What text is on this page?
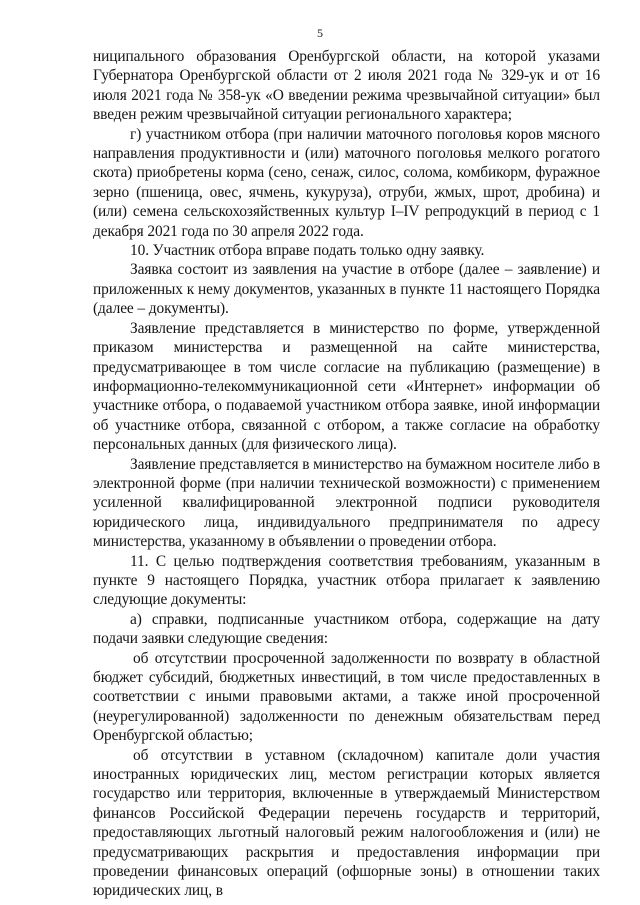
5

ниципального образования Оренбургской области, на которой указами Губернатора Оренбургской области от 2 июля 2021 года № 329-ук и от 16 июля 2021 года № 358-ук «О введении режима чрезвычайной ситуации» был введен режим чрезвычайной ситуации регионального характера;

г) участником отбора (при наличии маточного поголовья коров мясного направления продуктивности и (или) маточного поголовья мелкого рогатого скота) приобретены корма (сено, сенаж, силос, солома, комбикорм, фуражное зерно (пшеница, овес, ячмень, кукуруза), отруби, жмых, шрот, дробина) и (или) семена сельскохозяйственных культур I–IV репродукций в период с 1 декабря 2021 года по 30 апреля 2022 года.

10. Участник отбора вправе подать только одну заявку.

Заявка состоит из заявления на участие в отборе (далее – заявление) и приложенных к нему документов, указанных в пункте 11 настоящего Порядка (далее – документы).

Заявление представляется в министерство по форме, утвержденной приказом министерства и размещенной на сайте министерства, предусматривающее в том числе согласие на публикацию (размещение) в информационно-телекоммуникационной сети «Интернет» информации об участнике отбора, о подаваемой участником отбора заявке, иной информации об участнике отбора, связанной с отбором, а также согласие на обработку персональных данных (для физического лица).

Заявление представляется в министерство на бумажном носителе либо в электронной форме (при наличии технической возможности) с применением усиленной квалифицированной электронной подписи руководителя юридического лица, индивидуального предпринимателя по адресу министерства, указанному в объявлении о проведении отбора.

11. С целью подтверждения соответствия требованиям, указанным в пункте 9 настоящего Порядка, участник отбора прилагает к заявлению следующие документы:

а) справки, подписанные участником отбора, содержащие на дату подачи заявки следующие сведения:

об отсутствии просроченной задолженности по возврату в областной бюджет субсидий, бюджетных инвестиций, в том числе предоставленных в соответствии с иными правовыми актами, а также иной просроченной (неурегулированной) задолженности по денежным обязательствам перед Оренбургской областью;

об отсутствии в уставном (складочном) капитале доли участия иностранных юридических лиц, местом регистрации которых является государство или территория, включенные в утверждаемый Министерством финансов Российской Федерации перечень государств и территорий, предоставляющих льготный налоговый режим налогообложения и (или) не предусматривающих раскрытия и предоставления информации при проведении финансовых операций (офшорные зоны) в отношении таких юридических лиц, в
